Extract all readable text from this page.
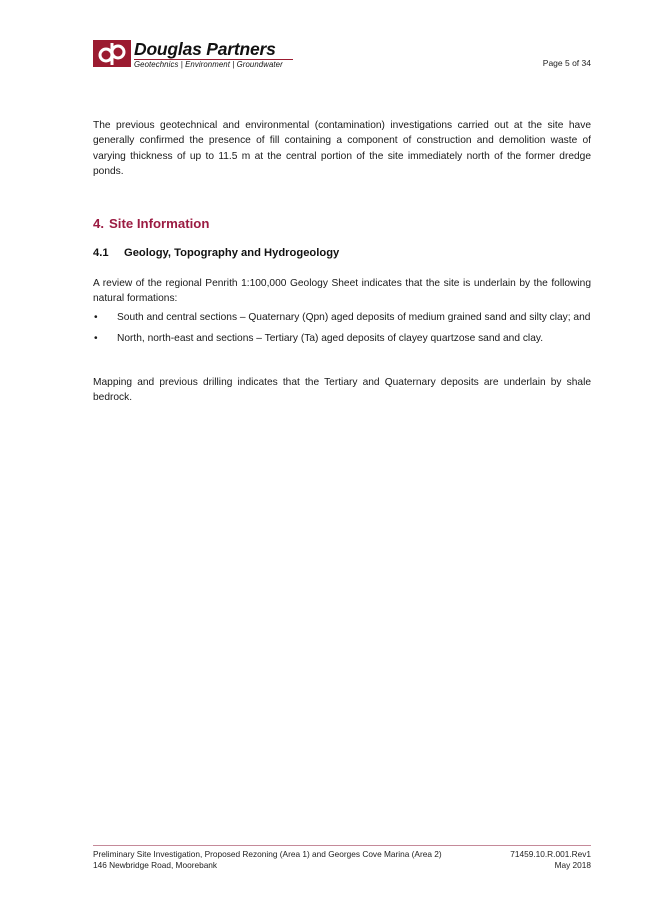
Douglas Partners
Geotechnics | Environment | Groundwater	Page 5 of 34

The previous geotechnical and environmental (contamination) investigations carried out at the site have generally confirmed the presence of fill containing a component of construction and demolition waste of varying thickness of up to 11.5 m at the central portion of the site immediately north of the former dredge ponds.

4. Site Information
4.1 Geology, Topography and Hydrogeology

A review of the regional Penrith 1:100,000 Geology Sheet indicates that the site is underlain by the following natural formations:

• South and central sections – Quaternary (Qpn) aged deposits of medium grained sand and silty clay; and
• North, north-east and sections – Tertiary (Ta) aged deposits of clayey quartzose sand and clay.

Mapping and previous drilling indicates that the Tertiary and Quaternary deposits are underlain by shale bedrock.

Preliminary Site Investigation, Proposed Rezoning (Area 1) and Georges Cove Marina (Area 2)
146 Newbridge Road, Moorebank
71459.10.R.001.Rev1
May 2018
